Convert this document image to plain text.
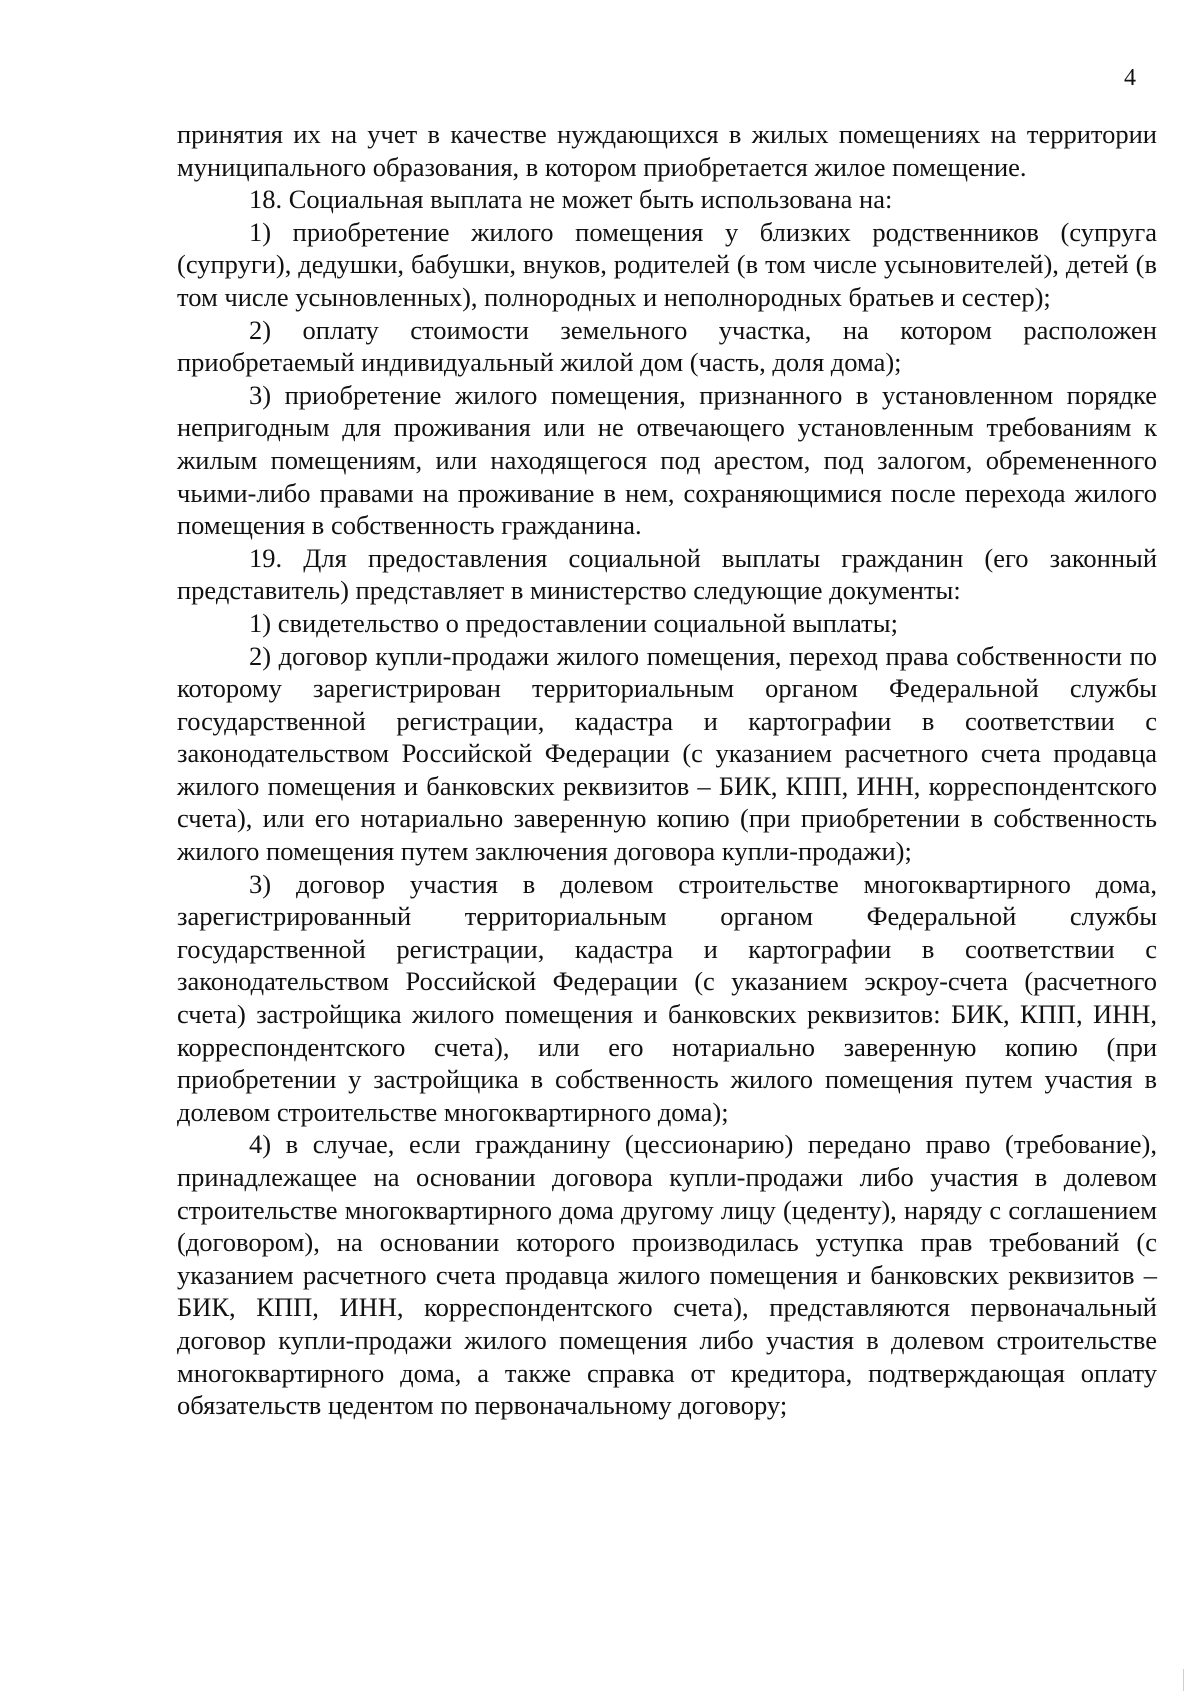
4

принятия их на учет в качестве нуждающихся в жилых помещениях на территории муниципального образования, в котором приобретается жилое помещение.

18. Социальная выплата не может быть использована на:

1) приобретение жилого помещения у близких родственников (супруга (супруги), дедушки, бабушки, внуков, родителей (в том числе усыновителей), детей (в том числе усыновленных), полнородных и неполнородных братьев и сестер);

2) оплату стоимости земельного участка, на котором расположен приобретаемый индивидуальный жилой дом (часть, доля дома);

3) приобретение жилого помещения, признанного в установленном порядке непригодным для проживания или не отвечающего установленным требованиям к жилым помещениям, или находящегося под арестом, под залогом, обремененного чьими-либо правами на проживание в нем, сохраняющимися после перехода жилого помещения в собственность гражданина.

19. Для предоставления социальной выплаты гражданин (его законный представитель) представляет в министерство следующие документы:

1) свидетельство о предоставлении социальной выплаты;

2) договор купли-продажи жилого помещения, переход права собственности по которому зарегистрирован территориальным органом Федеральной службы государственной регистрации, кадастра и картографии в соответствии с законодательством Российской Федерации (с указанием расчетного счета продавца жилого помещения и банковских реквизитов – БИК, КПП, ИНН, корреспондентского счета), или его нотариально заверенную копию (при приобретении в собственность жилого помещения путем заключения договора купли-продажи);

3) договор участия в долевом строительстве многоквартирного дома, зарегистрированный территориальным органом Федеральной службы государственной регистрации, кадастра и картографии в соответствии с законодательством Российской Федерации (с указанием эскроу-счета (расчетного счета) застройщика жилого помещения и банковских реквизитов: БИК, КПП, ИНН, корреспондентского счета), или его нотариально заверенную копию (при приобретении у застройщика в собственность жилого помещения путем участия в долевом строительстве многоквартирного дома);

4) в случае, если гражданину (цессионарию) передано право (требование), принадлежащее на основании договора купли-продажи либо участия в долевом строительстве многоквартирного дома другому лицу (цеденту), наряду с соглашением (договором), на основании которого производилась уступка прав требований (с указанием расчетного счета продавца жилого помещения и банковских реквизитов – БИК, КПП, ИНН, корреспондентского счета), представляются первоначальный договор купли-продажи жилого помещения либо участия в долевом строительстве многоквартирного дома, а также справка от кредитора, подтверждающая оплату обязательств цедентом по первоначальному договору;
